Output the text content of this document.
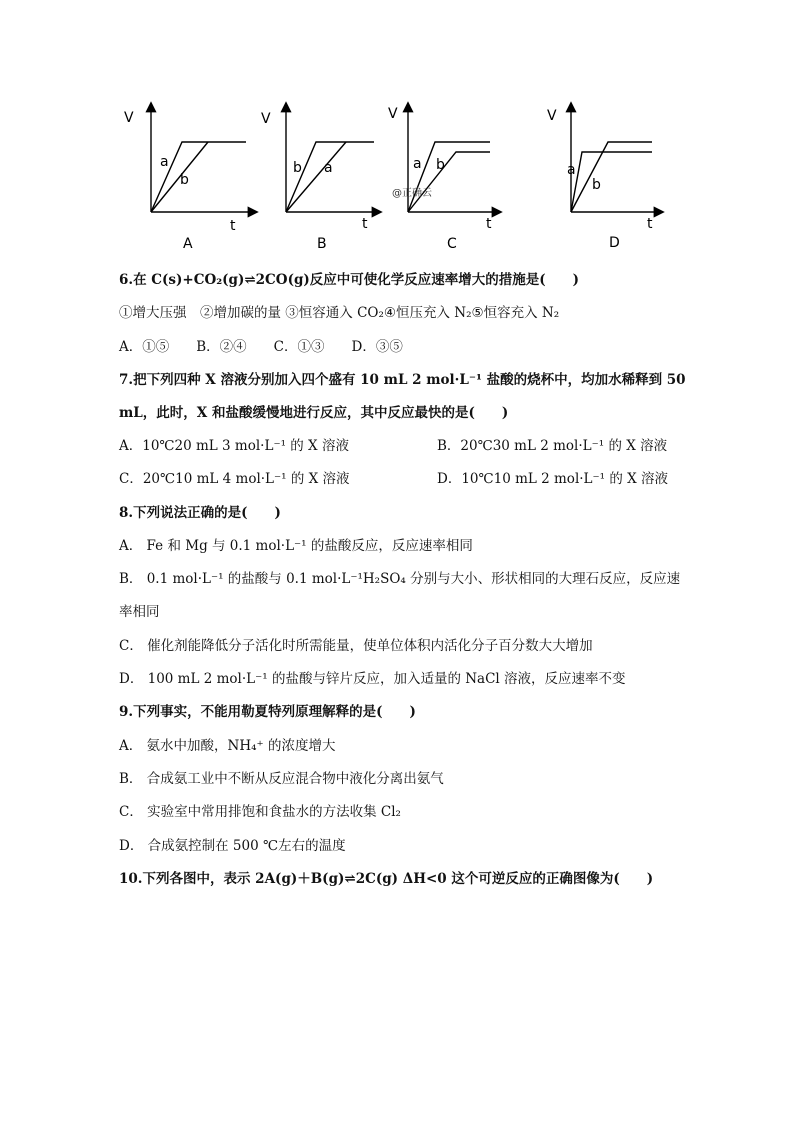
V
t
V
t
V
t
V
t
a
b
b a	a b	a
b
A	B	C	D
@正确云
6.在 C(s)+CO₂(g)⇌2CO(g)反应中可使化学反应速率增大的措施是(　　)
①增大压强　②增加碳的量 ③恒容通入 CO₂④恒压充入 N₂⑤恒容充入 N₂
A．①⑤　　B．②④　　C．①③　　D．③⑤
7.把下列四种 X 溶液分别加入四个盛有 10 mL 2 mol·L⁻¹ 盐酸的烧杯中，均加水稀释到 50
mL，此时，X 和盐酸缓慢地进行反应，其中反应最快的是(　　)
A．10℃20 mL 3 mol·L⁻¹ 的 X 溶液	B．20℃30 mL 2 mol·L⁻¹ 的 X 溶液
C．20℃10 mL 4 mol·L⁻¹ 的 X 溶液	D．10℃10 mL 2 mol·L⁻¹ 的 X 溶液
8.下列说法正确的是(　　)
A． Fe 和 Mg 与 0.1 mol·L⁻¹ 的盐酸反应，反应速率相同
B． 0.1 mol·L⁻¹ 的盐酸与 0.1 mol·L⁻¹H₂SO₄ 分别与大小、形状相同的大理石反应，反应速
率相同
C． 催化剂能降低分子活化时所需能量，使单位体积内活化分子百分数大大增加
D． 100 mL 2 mol·L⁻¹ 的盐酸与锌片反应，加入适量的 NaCl 溶液，反应速率不变
9.下列事实，不能用勒夏特列原理解释的是(　　)
A． 氨水中加酸，NH₄⁺ 的浓度增大
B． 合成氨工业中不断从反应混合物中液化分离出氨气
C． 实验室中常用排饱和食盐水的方法收集 Cl₂
D． 合成氨控制在 500 ℃左右的温度
10.下列各图中，表示 2A(g)＋B(g)⇌2C(g) ΔH<0 这个可逆反应的正确图像为(　　)
